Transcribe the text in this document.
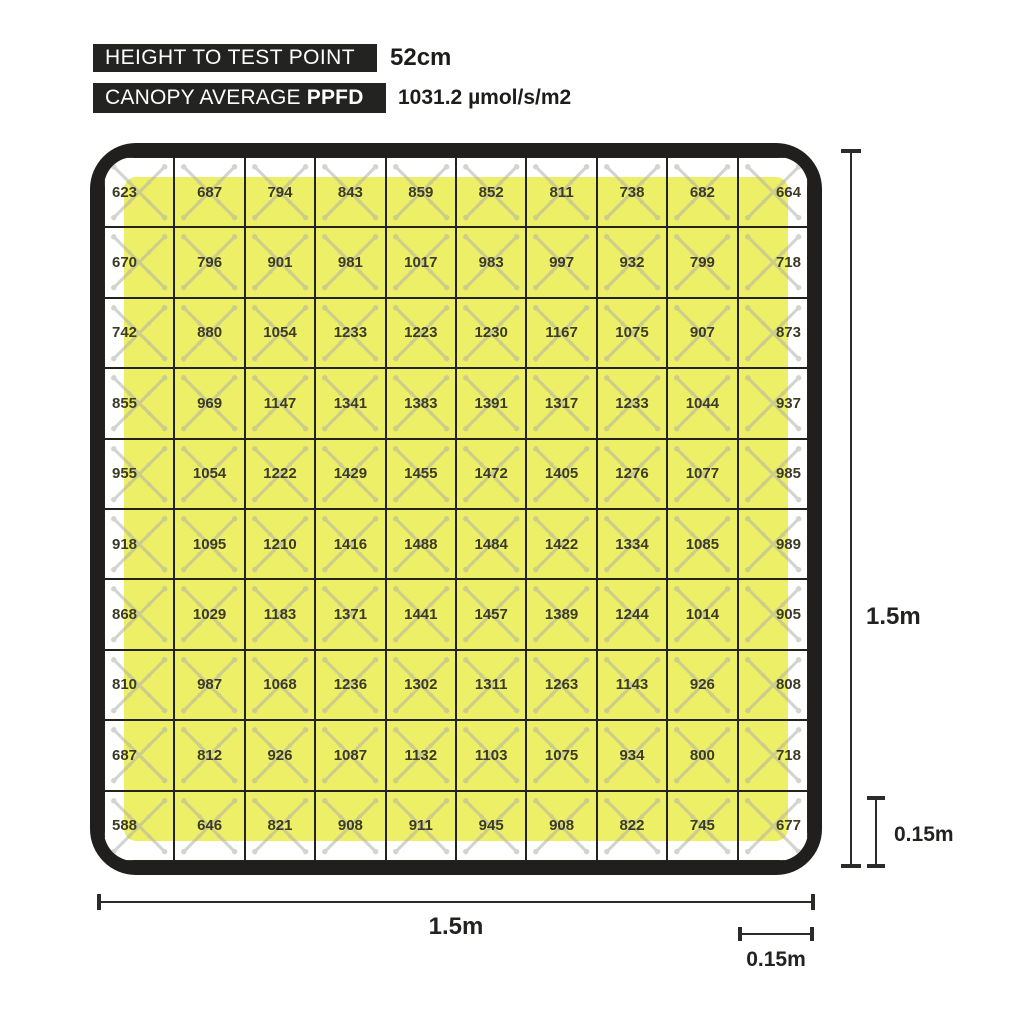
HEIGHT TO TEST POINT 52cm
CANOPY AVERAGE PPFD 1031.2 µmol/s/m2
623	687	794	843	859	852	811	738	682	664
670	796	901	981	1017	983	997	932	799	718
742	880	1054 1233 1223 1230 1167 1075	907	873
855	969	1147 1341 1383 1391 1317 1233 1044	937
955	1054 1222 1429 1455 1472 1405 1276 1077	985
918	1095 1210 1416 1488 1484 1422 1334 1085	989
868	1029 1183 1371 1441 1457 1389 1244 1014	905
810	987	1068 1236 1302 1311 1263 1143	926	808
687	812	926	1087 1132	1103 1075	934	800	718
588	646	821	908	911	945	908	822	745	677
1.5m
0.15m
1.5m
0.15m
